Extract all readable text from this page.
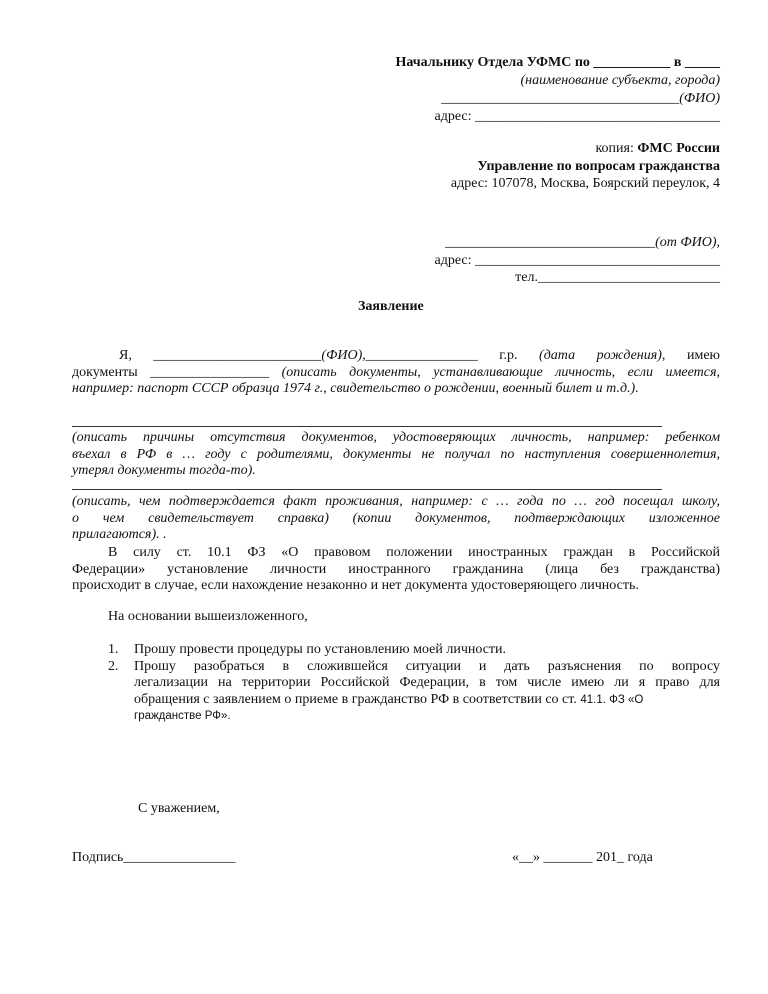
Начальнику Отдела УФМС по ___________ в _____
(наименование субъекта, города)
__________________________________(ФИО)
адрес: ___________________________________
копия: ФМС России
Управление по вопросам гражданства
адрес: 107078, Москва, Боярский переулок, 4
______________________________(от ФИО),
адрес: ___________________________________
тел.__________________________
Заявление
Я, ________________________(ФИО),________________ г.р. (дата рождения), имею
документы _________________ (описать документы, устанавливающие личность, если имеется,
например: паспорт СССР образца 1974 г., свидетельство о рождении, военный билет и т.д.).
(описать причины отсутствия документов, удостоверяющих личность, например: ребенком
въехал в РФ в … году с родителями, документы не получал по наступления совершеннолетия,
утерял документы тогда-то).
(описать, чем подтверждается факт проживания, например: с … года по … год посещал школу,
о чем свидетельствует справка) (копии документов, подтверждающих изложенное
прилагаются). .
В силу ст. 10.1 ФЗ «О правовом положении иностранных граждан в Российской
Федерации» установление личности иностранного гражданина (лица без гражданства)
происходит в случае, если нахождение незаконно и нет документа удостоверяющего личность.
На основании вышеизложенного,
1. Прошу провести процедуры по установлению моей личности.
2. Прошу разобраться в сложившейся ситуации и дать разъяснения по вопросу
легализации на территории Российской Федерации, в том числе имею ли я право для
обращения с заявлением о приеме в гражданство РФ в соответствии со ст. 41.1. ФЗ «О
гражданстве РФ».
С уважением,
Подпись________________	«__» _______ 201_ года
